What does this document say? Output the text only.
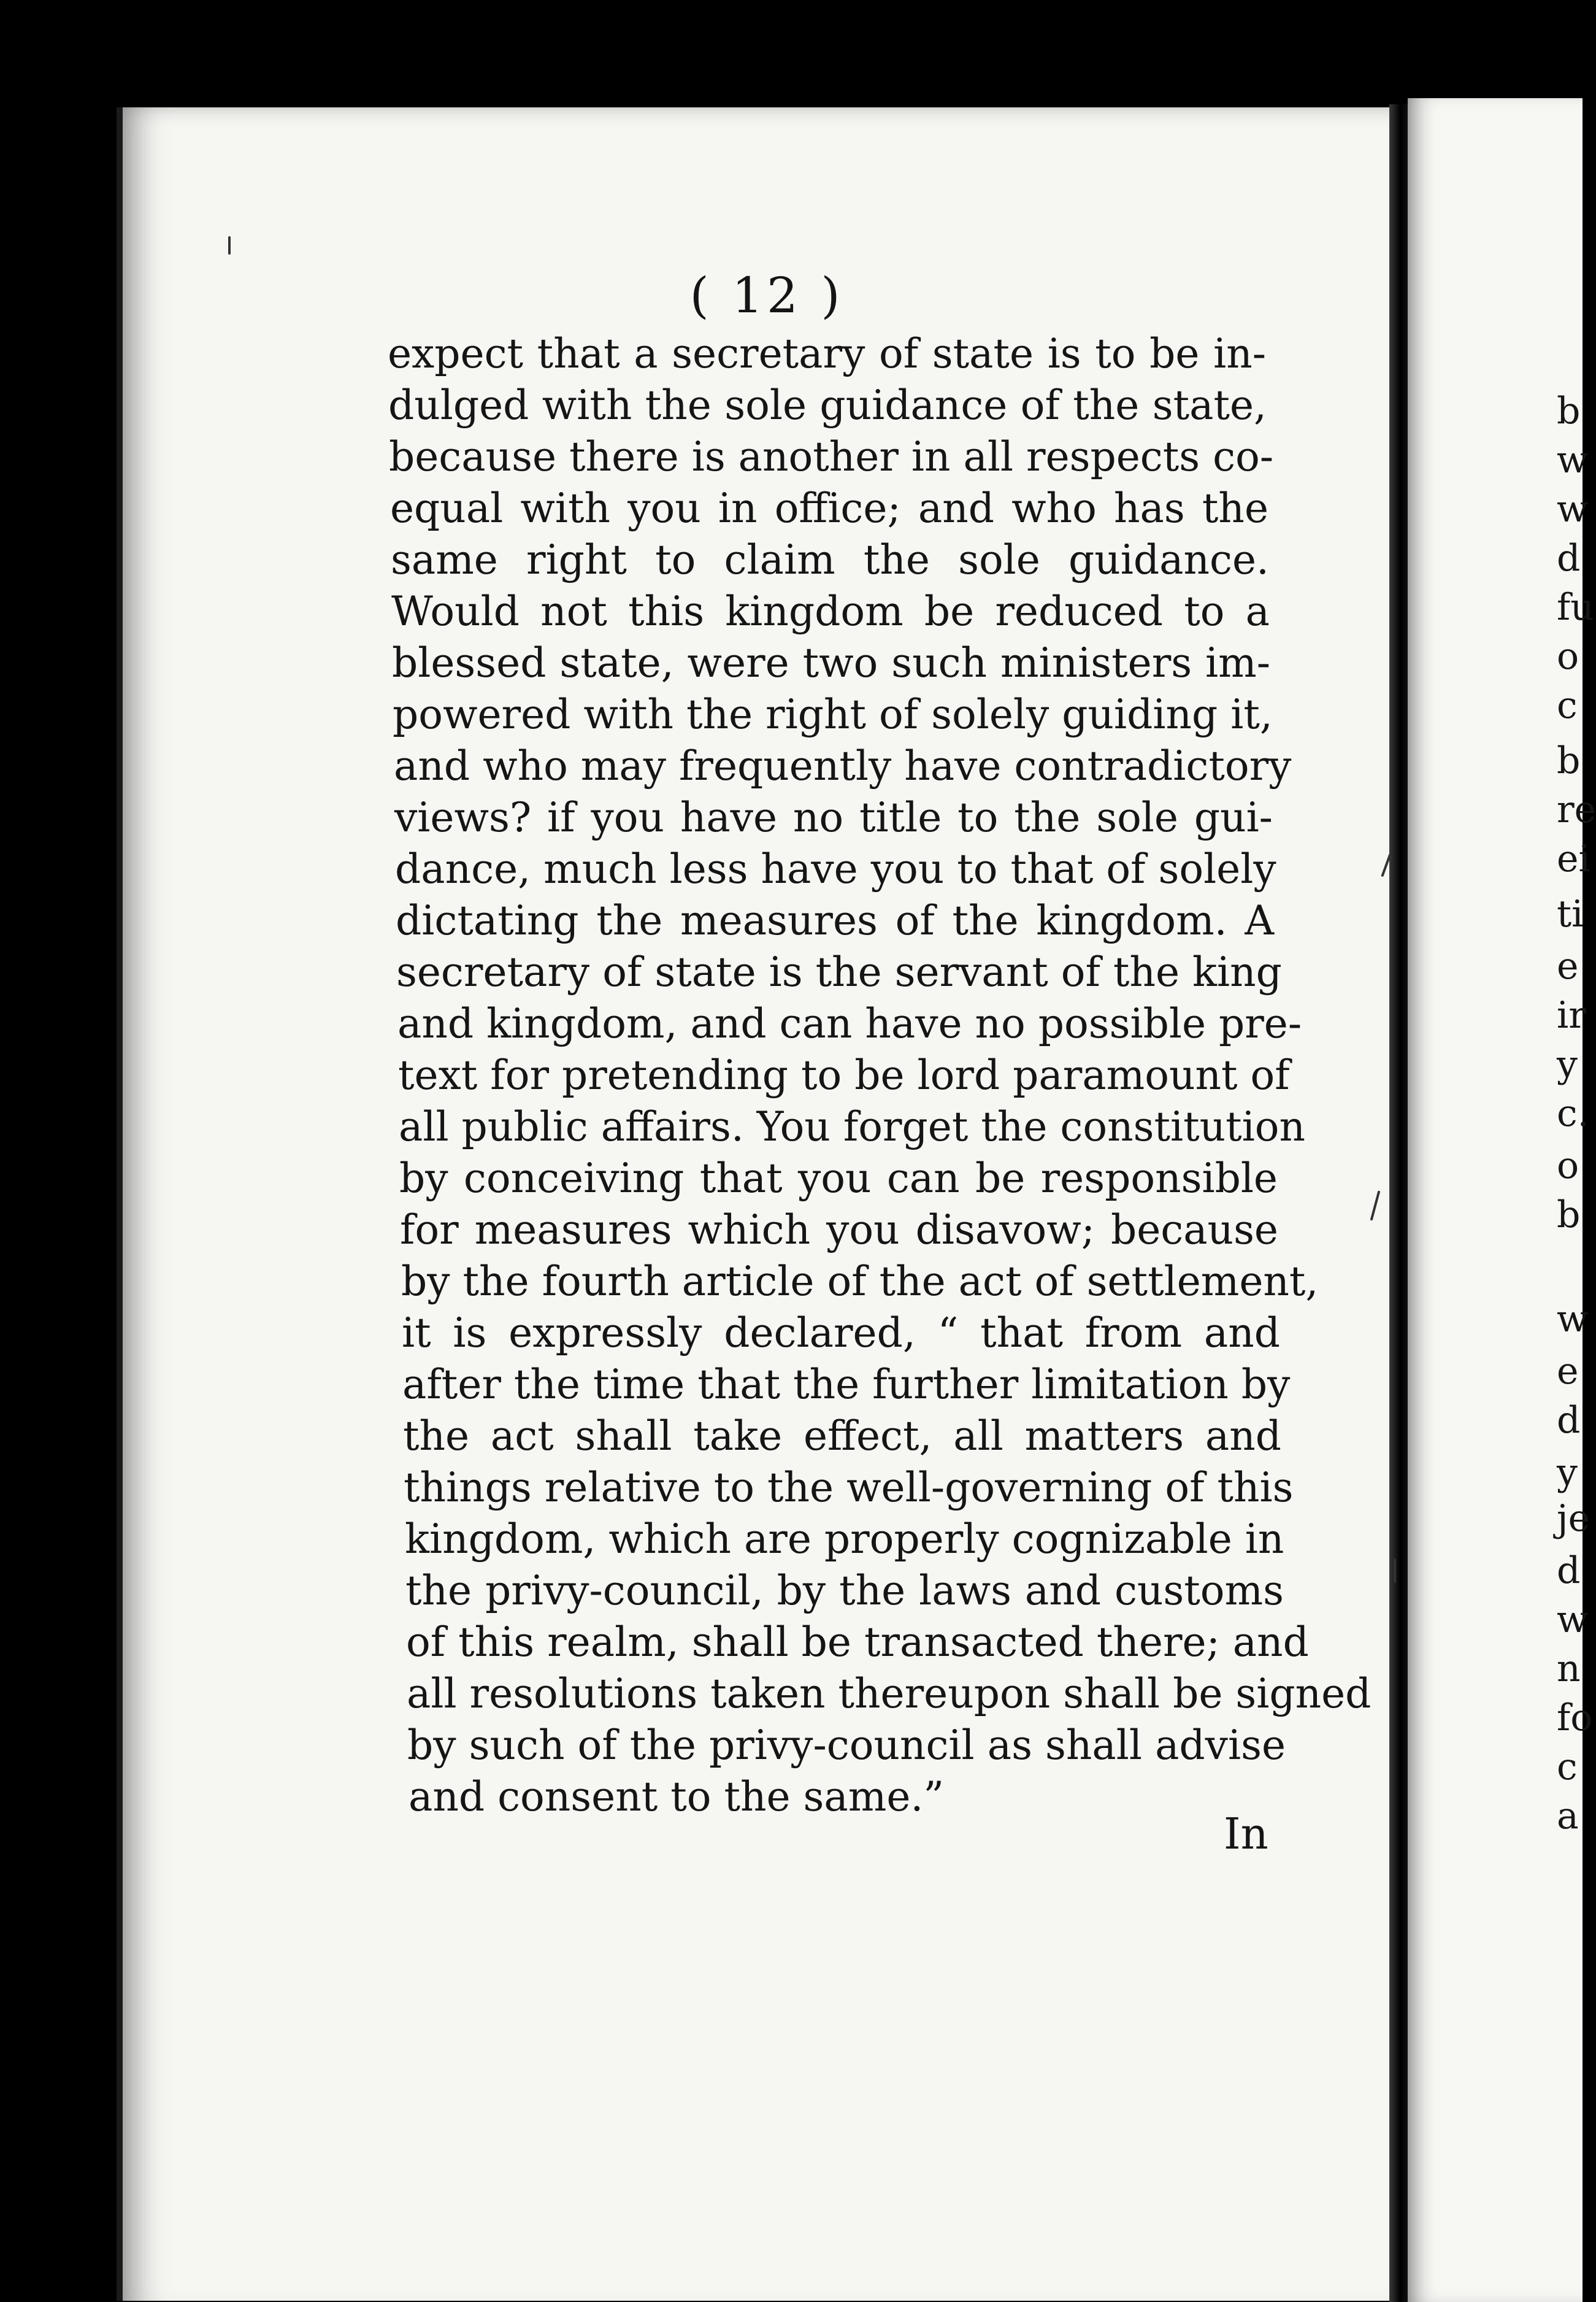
( 12 )
expect that a secretary of state is to be in-
dulged with the sole guidance of the state,
because there is another in all respects co-
equal with you in office; and who has the
same right to claim the sole guidance.
Would not this kingdom be reduced to a
blessed state, were two such ministers im-
powered with the right of solely guiding it,
and who may frequently have contradictory
views? if you have no title to the sole gui-
dance, much less have you to that of solely
dictating the measures of the kingdom. A
secretary of state is the servant of the king
and kingdom, and can have no possible pre-
text for pretending to be lord paramount of
all public affairs. You forget the constitution
by conceiving that you can be responsible
for measures which you disavow; because
by the fourth article of the act of settlement,
it is expressly declared, “ that from and
after the time that the further limitation by
the act shall take effect, all matters and
things relative to the well-governing of this
kingdom, which are properly cognizable in
the privy-council, by the laws and customs
of this realm, shall be transacted there; and
all resolutions taken thereupon shall be signed
by such of the privy-council as shall advise
and consent to the same.”
In
b
w
w
d
fu
o
c
b
re
ei
ti
e
ir
y
c.
o
b
w
e
d
y
je
d
w
n
fo
c
a
